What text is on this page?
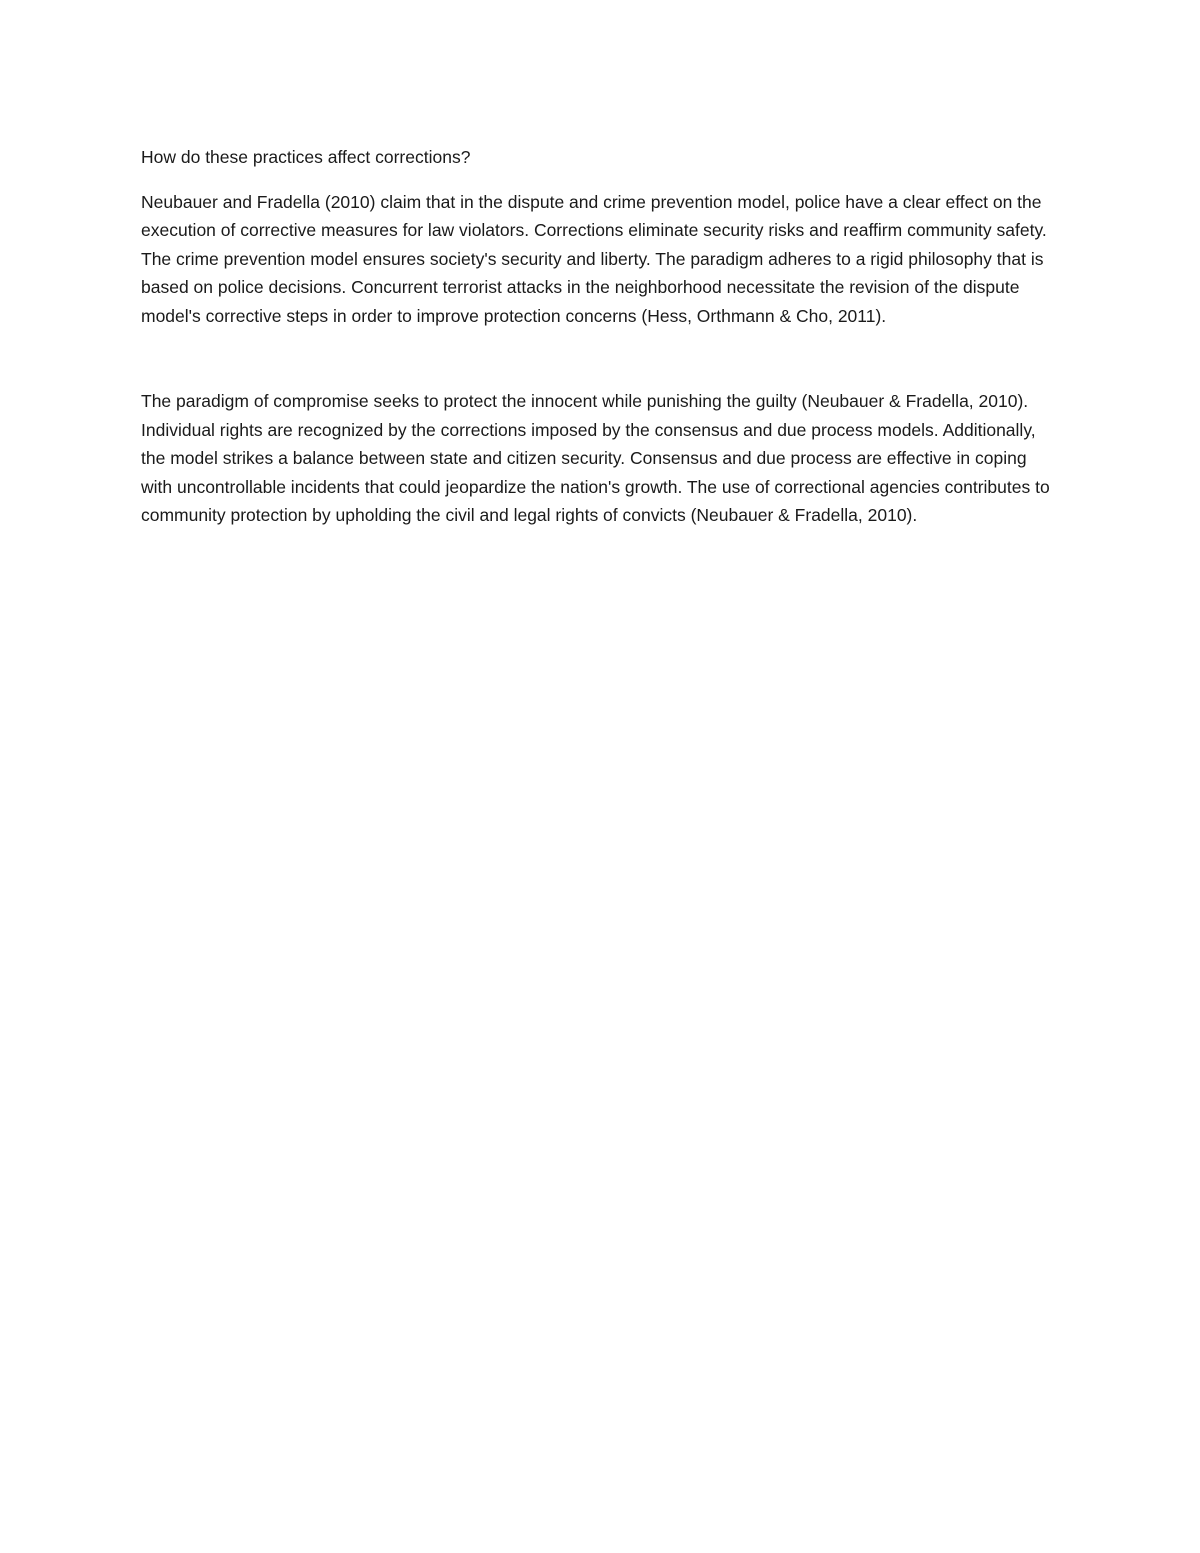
How do these practices affect corrections?

Neubauer and Fradella (2010) claim that in the dispute and crime prevention model, police have a clear effect on the execution of corrective measures for law violators. Corrections eliminate security risks and reaffirm community safety. The crime prevention model ensures society's security and liberty. The paradigm adheres to a rigid philosophy that is based on police decisions. Concurrent terrorist attacks in the neighborhood necessitate the revision of the dispute model's corrective steps in order to improve protection concerns (Hess, Orthmann & Cho, 2011).

The paradigm of compromise seeks to protect the innocent while punishing the guilty (Neubauer & Fradella, 2010). Individual rights are recognized by the corrections imposed by the consensus and due process models. Additionally, the model strikes a balance between state and citizen security. Consensus and due process are effective in coping with uncontrollable incidents that could jeopardize the nation's growth. The use of correctional agencies contributes to community protection by upholding the civil and legal rights of convicts (Neubauer & Fradella, 2010).
